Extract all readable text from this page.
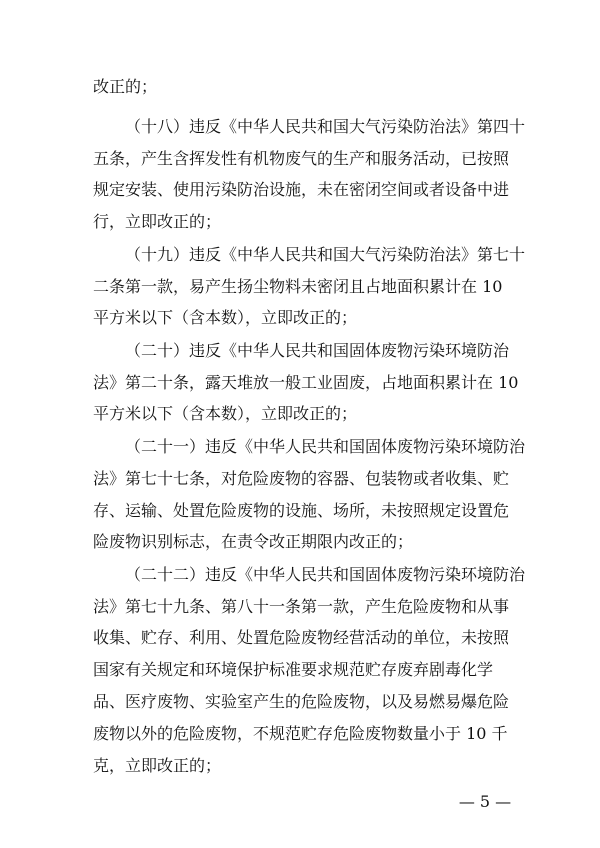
改正的；

（十八）违反《中华人民共和国大气污染防治法》第四十

五条，产生含挥发性有机物废气的生产和服务活动，已按照

规定安装、使用污染防治设施，未在密闭空间或者设备中进

行，立即改正的；

（十九）违反《中华人民共和国大气污染防治法》第七十

二条第一款，易产生扬尘物料未密闭且占地面积累计在 10

平方米以下（含本数），立即改正的；

（二十）违反《中华人民共和国固体废物污染环境防治

法》第二十条，露天堆放一般工业固废，占地面积累计在 10

平方米以下（含本数），立即改正的；

（二十一）违反《中华人民共和国固体废物污染环境防治

法》第七十七条，对危险废物的容器、包装物或者收集、贮

存、运输、处置危险废物的设施、场所，未按照规定设置危

险废物识别标志，在责令改正期限内改正的；

（二十二）违反《中华人民共和国固体废物污染环境防治

法》第七十九条、第八十一条第一款，产生危险废物和从事

收集、贮存、利用、处置危险废物经营活动的单位，未按照

国家有关规定和环境保护标准要求规范贮存废弃剧毒化学

品、医疗废物、实验室产生的危险废物，以及易燃易爆危险

废物以外的危险废物，不规范贮存危险废物数量小于 10 千

克，立即改正的；

— 5 —
